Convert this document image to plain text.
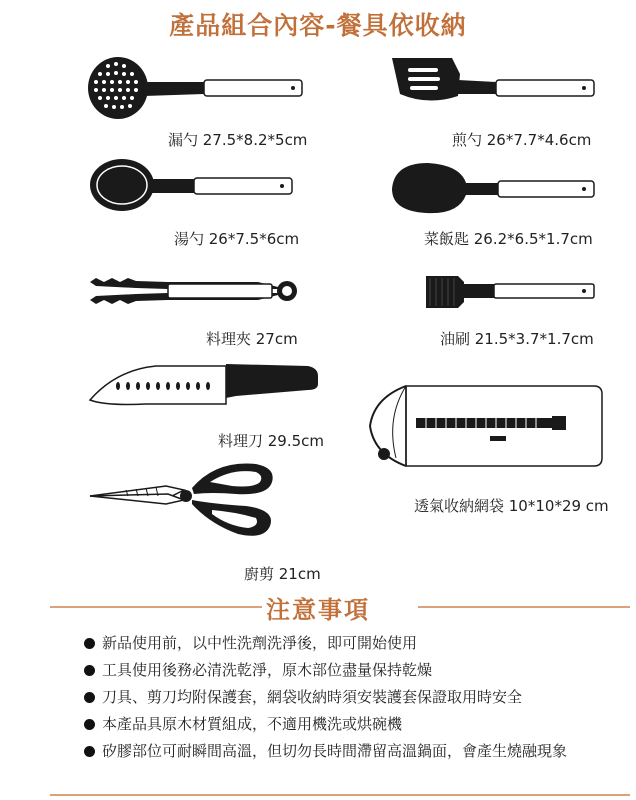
產品組合內容-餐具依收納
漏勺 27.5*8.2*5cm	煎勺 26*7.7*4.6cm
湯勺 26*7.5*6cm	菜飯匙 26.2*6.5*1.7cm
料理夾 27cm	油刷 21.5*3.7*1.7cm
料理刀 29.5cm
透氣收納網袋 10*10*29 cm
廚剪 21cm
注意事項
新品使用前，以中性洗劑洗淨後，即可開始使用
工具使用後務必清洗乾淨，原木部位盡量保持乾燥
刀具、剪刀均附保護套，網袋收納時須安裝護套保證取用時安全
本產品具原木材質組成，不適用機洗或烘碗機
矽膠部位可耐瞬間高溫，但切勿長時間滯留高溫鍋面，會產生燒融現象
